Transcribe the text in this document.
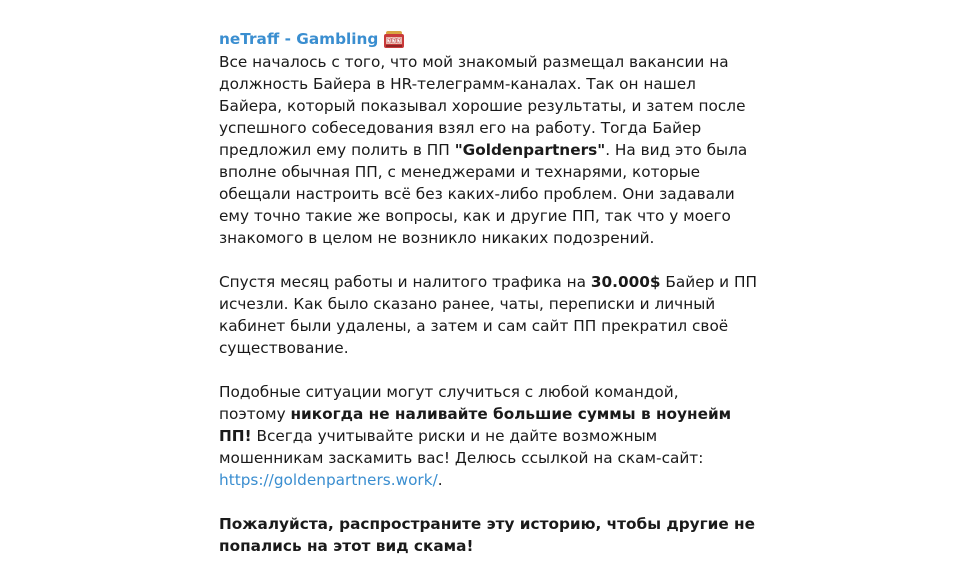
neTraff - Gambling 7 7 7

Все началось с того, что мой знакомый размещал вакансии на
должность Байера в HR-телеграмм-каналах. Так он нашел
Байера, который показывал хорошие результаты, и затем после
успешного собеседования взял его на работу. Тогда Байер
предложил ему полить в ПП "Goldenpartners". На вид это была
вполне обычная ПП, с менеджерами и технарями, которые
обещали настроить всё без каких-либо проблем. Они задавали
ему точно такие же вопросы, как и другие ПП, так что у моего
знакомого в целом не возникло никаких подозрений.

Спустя месяц работы и налитого трафика на 30.000$ Байер и ПП
исчезли. Как было сказано ранее, чаты, переписки и личный
кабинет были удалены, а затем и сам сайт ПП прекратил своё
существование.

Подобные ситуации могут случиться с любой командой,
поэтому никогда не наливайте большие суммы в ноунейм
ПП! Всегда учитывайте риски и не дайте возможным
мошенникам заскамить вас! Делюсь ссылкой на скам-сайт:
https://goldenpartners.work/.

Пожалуйста, распространите эту историю, чтобы другие не
попались на этот вид скама!
